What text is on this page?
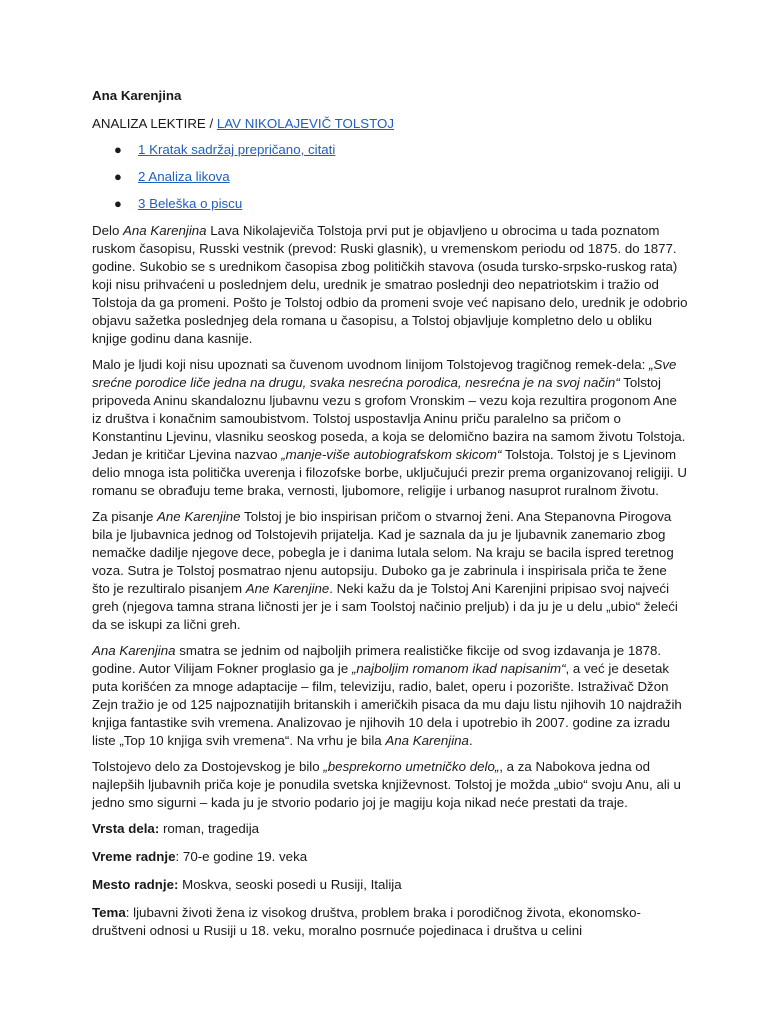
Ana Karenjina

ANALIZA LEKTIRE / LAV NIKOLAJEVIČ TOLSTOJ

● 1 Kratak sadržaj prepričano, citati
● 2 Analiza likova
● 3 Beleška o piscu

Delo Ana Karenjina Lava Nikolajeviča Tolstoja prvi put je objavljeno u obrocima u tada poznatom ruskom časopisu, Russki vestnik (prevod: Ruski glasnik), u vremenskom periodu od 1875. do 1877. godine. Sukobio se s urednikom časopisa zbog političkih stavova (osuda tursko-srpsko-ruskog rata) koji nisu prihvaćeni u poslednjem delu, urednik je smatrao poslednji deo nepatriotskim i tražio od Tolstoja da ga promeni. Pošto je Tolstoj odbio da promeni svoje već napisano delo, urednik je odobrio objavu sažetka poslednjeg dela romana u časopisu, a Tolstoj objavljuje kompletno delo u obliku knjige godinu dana kasnije.

Malo je ljudi koji nisu upoznati sa čuvenom uvodnom linijom Tolstojevog tragičnog remek-dela: „Sve srećne porodice liče jedna na drugu, svaka nesrećna porodica, nesrećna je na svoj način“ Tolstoj pripoveda Aninu skandaloznu ljubavnu vezu s grofom Vronskim – vezu koja rezultira progonom Ane iz društva i konačnim samoubistvom. Tolstoj uspostavlja Aninu priču paralelno sa pričom o Konstantinu Ljevinu, vlasniku seoskog poseda, a koja se delomično bazira na samom životu Tolstoja. Jedan je kritičar Ljevina nazvao „manje-više autobiografskom skicom“ Tolstoja. Tolstoj je s Ljevinom delio mnoga ista politička uverenja i filozofske borbe, uključujući prezir prema organizovanoj religiji. U romanu se obrađuju teme braka, vernosti, ljubomore, religije i urbanog nasuprot ruralnom životu.

Za pisanje Ane Karenjine Tolstoj je bio inspirisan pričom o stvarnoj ženi. Ana Stepanovna Pirogova bila je ljubavnica jednog od Tolstojevih prijatelja. Kad je saznala da ju je ljubavnik zanemario zbog nemačke dadilje njegove dece, pobegla je i danima lutala selom. Na kraju se bacila ispred teretnog voza. Sutra je Tolstoj posmatrao njenu autopsiju. Duboko ga je zabrinula i inspirisala priča te žene što je rezultiralo pisanjem Ane Karenjine. Neki kažu da je Tolstoj Ani Karenjini pripisao svoj najveći greh (njegova tamna strana ličnosti jer je i sam Toolstoj načinio preljub) i da ju je u delu „ubio“ želeći da se iskupi za lični greh.

Ana Karenjina smatra se jednim od najboljih primera realističke fikcije od svog izdavanja je 1878. godine. Autor Vilijam Fokner proglasio ga je „najboljim romanom ikad napisanim“, a već je desetak puta korišćen za mnoge adaptacije – film, televiziju, radio, balet, operu i pozorište. Istraživač Džon Zejn tražio je od 125 najpoznatijih britanskih i američkih pisaca da mu daju listu njihovih 10 najdražih knjiga fantastike svih vremena. Analizovao je njihovih 10 dela i upotrebio ih 2007. godine za izradu liste „Top 10 knjiga svih vremena“. Na vrhu je bila Ana Karenjina.

Tolstojevo delo za Dostojevskog je bilo „besprekorno umetničko delo„, a za Nabokova jedna od najlepših ljubavnih priča koje je ponudila svetska književnost. Tolstoj je možda „ubio“ svoju Anu, ali u jedno smo sigurni – kada ju je stvorio podario joj je magiju koja nikad neće prestati da traje.

Vrsta dela: roman, tragedija

Vreme radnje: 70-e godine 19. veka

Mesto radnje: Moskva, seoski posedi u Rusiji, Italija

Tema: ljubavni životi žena iz visokog društva, problem braka i porodičnog života, ekonomsko-društveni odnosi u Rusiji u 18. veku, moralno posrnuće pojedinaca i društva u celini
